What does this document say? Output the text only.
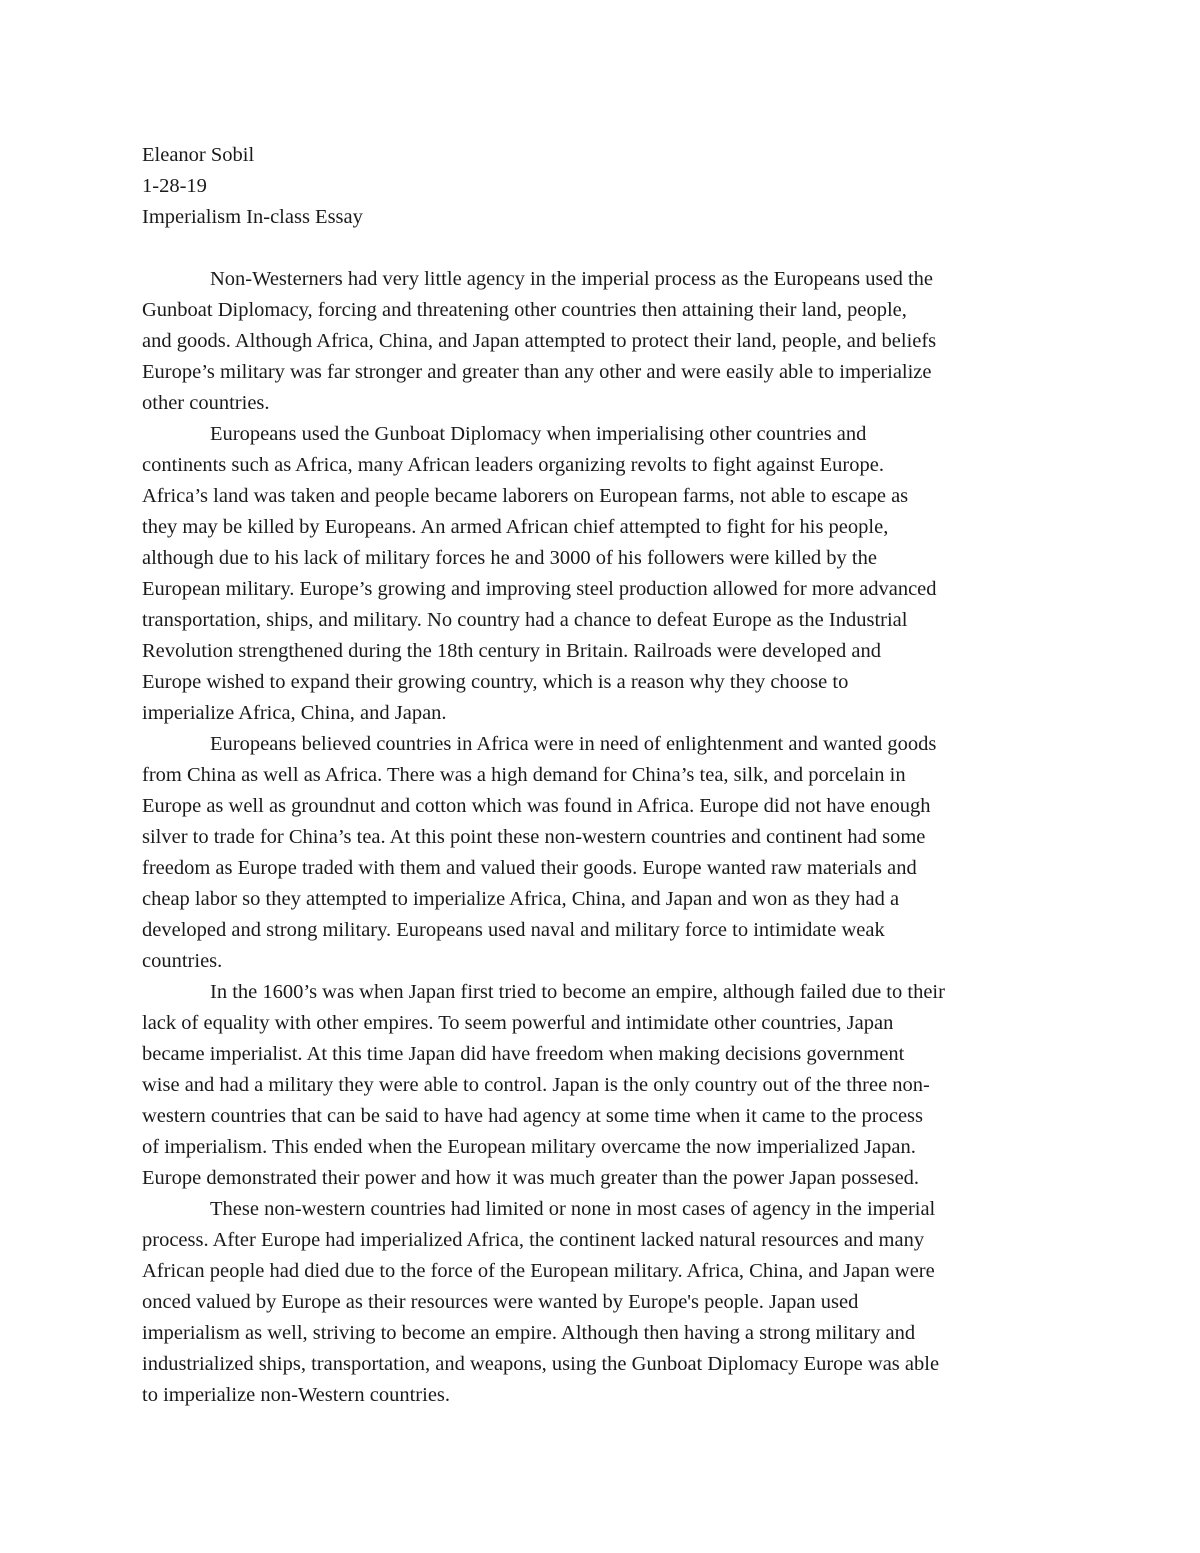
Eleanor Sobil
1-28-19
Imperialism In-class Essay
Non-Westerners had very little agency in the imperial process as the Europeans used the
Gunboat Diplomacy, forcing and threatening other countries then attaining their land, people,
and goods. Although Africa, China, and Japan attempted to protect their land, people, and beliefs
Europe’s military was far stronger and greater than any other and were easily able to imperialize
other countries.
Europeans used the Gunboat Diplomacy when imperialising other countries and
continents such as Africa, many African leaders organizing revolts to fight against Europe.
Africa’s land was taken and people became laborers on European farms, not able to escape as
they may be killed by Europeans. An armed African chief attempted to fight for his people,
although due to his lack of military forces he and 3000 of his followers were killed by the
European military. Europe’s growing and improving steel production allowed for more advanced
transportation, ships, and military. No country had a chance to defeat Europe as the Industrial
Revolution strengthened during the 18th century in Britain. Railroads were developed and
Europe wished to expand their growing country, which is a reason why they choose to
imperialize Africa, China, and Japan.
Europeans believed countries in Africa were in need of enlightenment and wanted goods
from China as well as Africa. There was a high demand for China’s tea, silk, and porcelain in
Europe as well as groundnut and cotton which was found in Africa. Europe did not have enough
silver to trade for China’s tea. At this point these non-western countries and continent had some
freedom as Europe traded with them and valued their goods. Europe wanted raw materials and
cheap labor so they attempted to imperialize Africa, China, and Japan and won as they had a
developed and strong military. Europeans used naval and military force to intimidate weak
countries.
In the 1600’s was when Japan first tried to become an empire, although failed due to their
lack of equality with other empires. To seem powerful and intimidate other countries, Japan
became imperialist. At this time Japan did have freedom when making decisions government
wise and had a military they were able to control. Japan is the only country out of the three non-
western countries that can be said to have had agency at some time when it came to the process
of imperialism. This ended when the European military overcame the now imperialized Japan.
Europe demonstrated their power and how it was much greater than the power Japan possesed.
These non-western countries had limited or none in most cases of agency in the imperial
process. After Europe had imperialized Africa, the continent lacked natural resources and many
African people had died due to the force of the European military. Africa, China, and Japan were
onced valued by Europe as their resources were wanted by Europe's people. Japan used
imperialism as well, striving to become an empire. Although then having a strong military and
industrialized ships, transportation, and weapons, using the Gunboat Diplomacy Europe was able
to imperialize non-Western countries.
